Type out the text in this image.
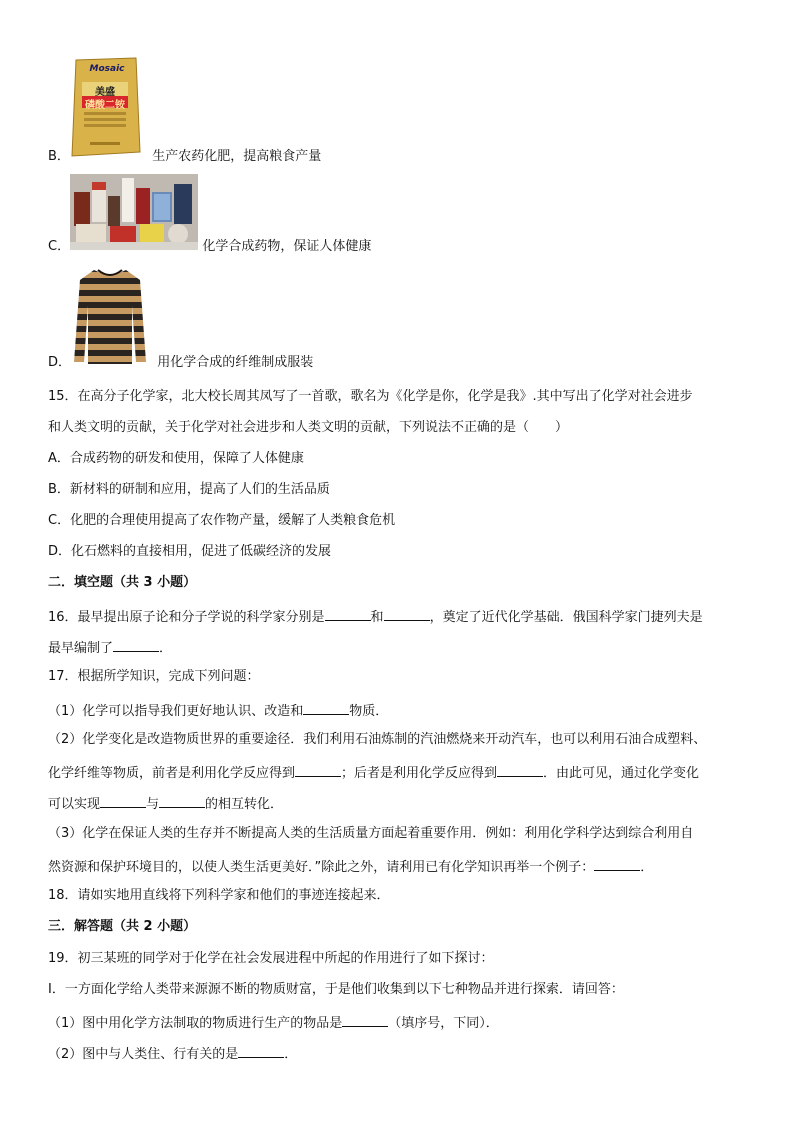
Mosaic
美盛
磷酸二铵
B．	生产农药化肥，提高粮食产量
C．	化学合成药物，保证人体健康
D．	用化学合成的纤维制成服装
15．在高分子化学家，北大校长周其凤写了一首歌，歌名为《化学是你，化学是我》.其中写出了化学对社会进步
和人类文明的贡献，关于化学对社会进步和人类文明的贡献，下列说法不正确的是（　　）
A．合成药物的研发和使用，保障了人体健康
B．新材料的研制和应用，提高了人们的生活品质
C．化肥的合理使用提高了农作物产量，缓解了人类粮食危机
D．化石燃料的直接相用，促进了低碳经济的发展
二．填空题（共 3 小题）
16．最早提出原子论和分子学说的科学家分别是	和	，奠定了近代化学基础．俄国科学家门捷列夫是
最早编制了	．
17．根据所学知识，完成下列问题：
（1）化学可以指导我们更好地认识、改造和	物质．
（2）化学变化是改造物质世界的重要途径．我们利用石油炼制的汽油燃烧来开动汽车，也可以利用石油合成塑料、
化学纤维等物质，前者是利用化学反应得到	；后者是利用化学反应得到	．由此可见，通过化学变化
可以实现	与	的相互转化．
（3）化学在保证人类的生存并不断提高人类的生活质量方面起着重要作用．例如：利用化学科学达到综合利用自
然资源和保护环境目的，以使人类生活更美好．”除此之外，请利用已有化学知识再举一个例子：	．
18．请如实地用直线将下列科学家和他们的事迹连接起来．
三．解答题（共 2 小题）
19．初三某班的同学对于化学在社会发展进程中所起的作用进行了如下探讨：
Ⅰ．一方面化学给人类带来源源不断的物质财富，于是他们收集到以下七种物品并进行探索．请回答：
（1）图中用化学方法制取的物质进行生产的物品是	（填序号，下同）．
（2）图中与人类住、行有关的是	．
